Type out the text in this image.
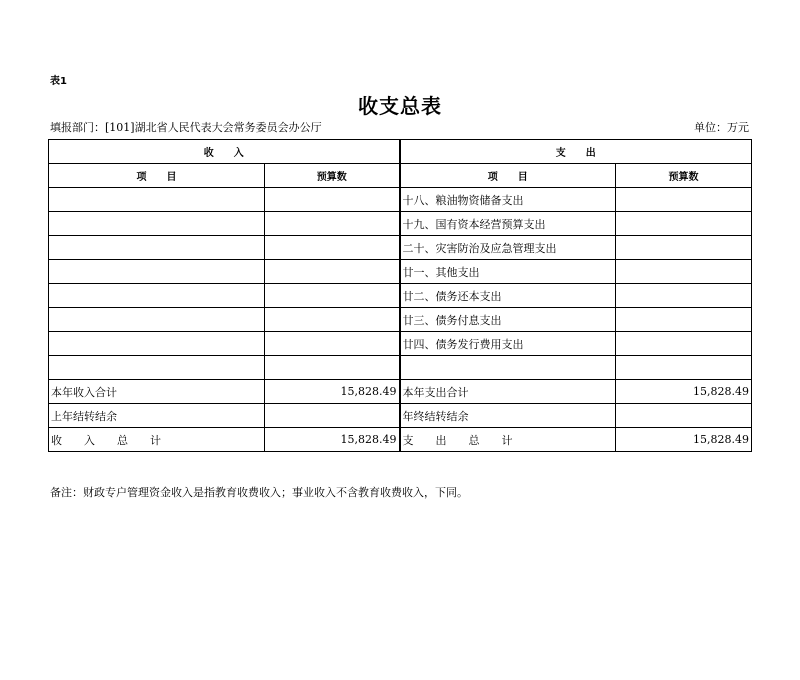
表1
收支总表
填报部门：[101]湖北省人民代表大会常务委员会办公厅	单位：万元
收　　入		支　　出	
项　　目	预算数	项　　目	预算数
		十八、粮油物资储备支出	
		十九、国有资本经营预算支出	
		二十、灾害防治及应急管理支出	
		廿一、其他支出	
		廿二、债务还本支出	
		廿三、债务付息支出	
		廿四、债务发行费用支出	

本年收入合计	15,828.49	本年支出合计	15,828.49
上年结转结余		年终结转结余	
收　　入　　总　　计	15,828.49	支　　出　　总　　计	15,828.49
备注：财政专户管理资金收入是指教育收费收入；事业收入不含教育收费收入，下同。
